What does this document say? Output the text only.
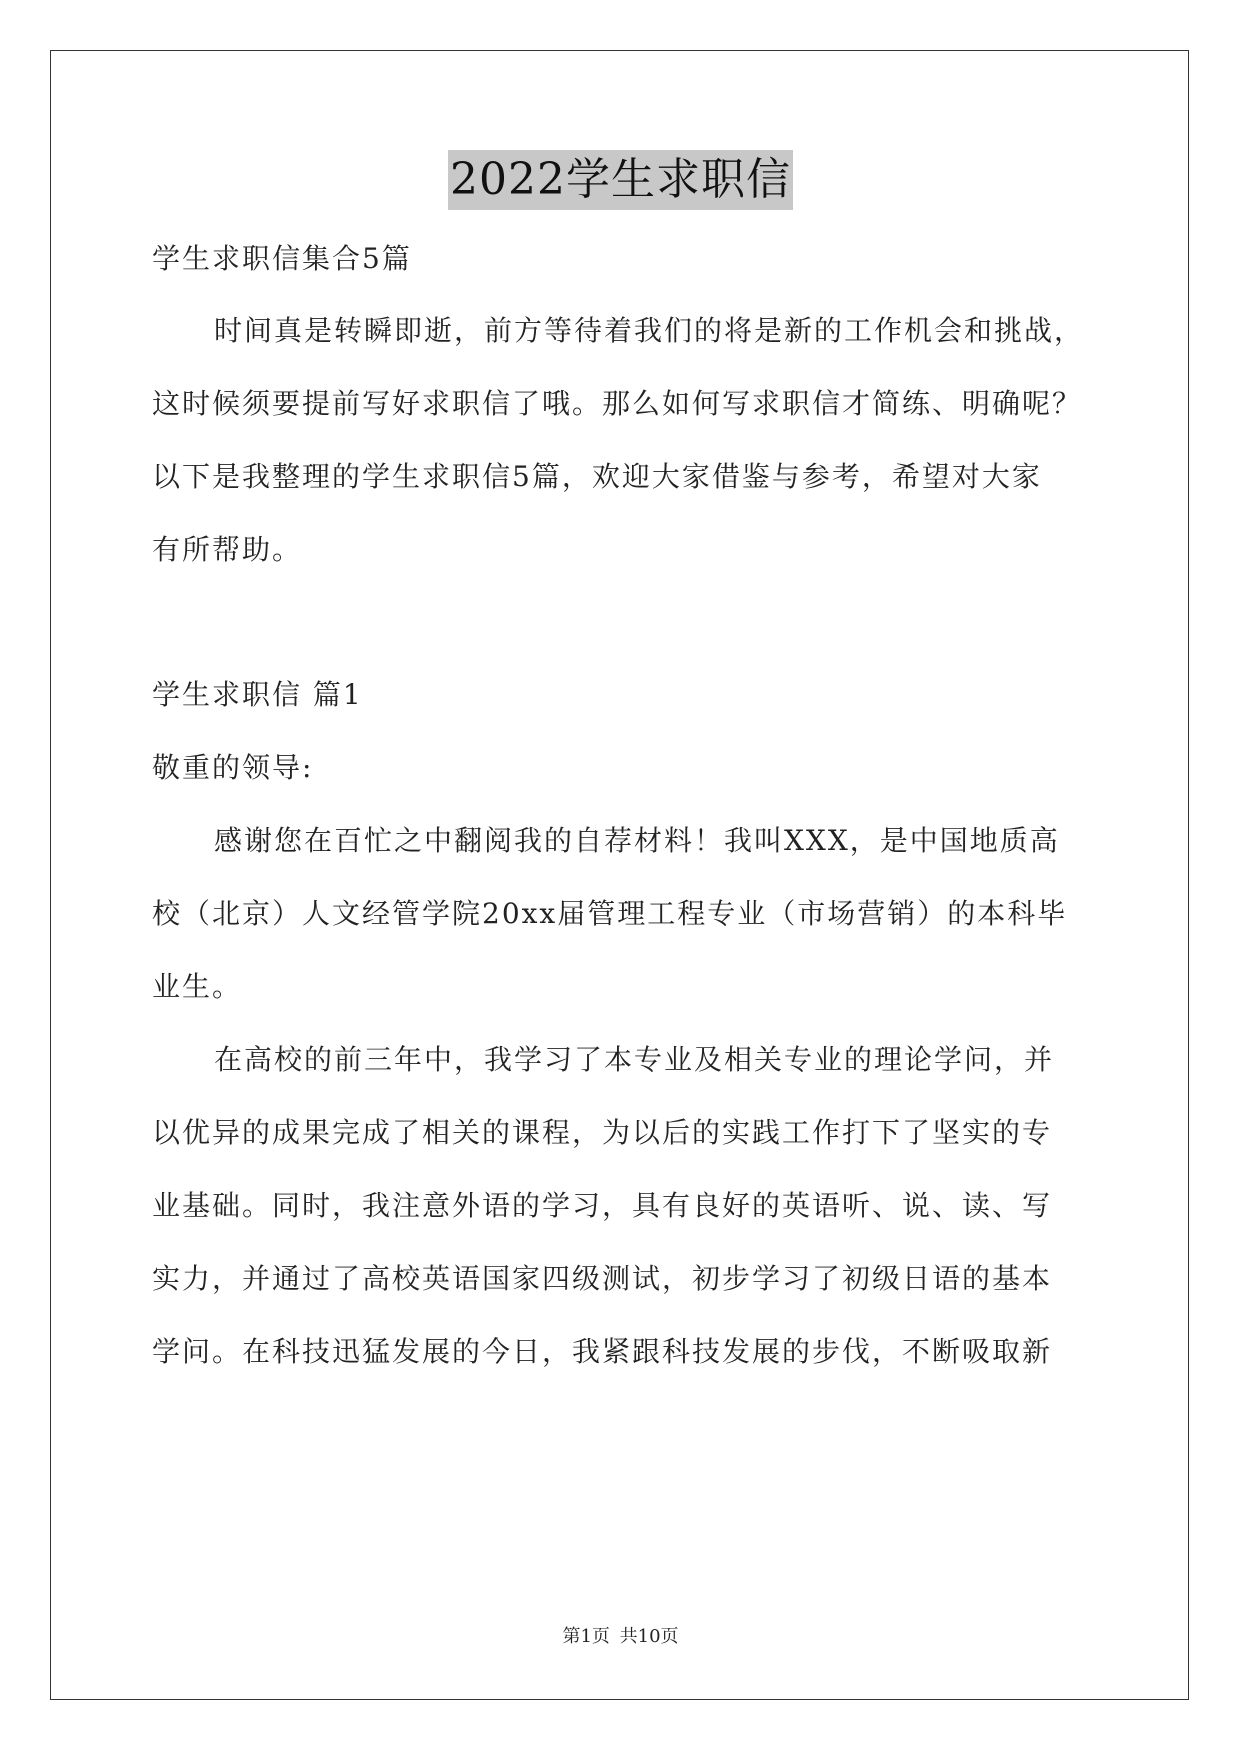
2022学生求职信
学生求职信集合5篇
时间真是转瞬即逝，前方等待着我们的将是新的工作机会和挑战，
这时候须要提前写好求职信了哦。那么如何写求职信才简练、明确呢？
以下是我整理的学生求职信5篇，欢迎大家借鉴与参考，希望对大家
有所帮助。
学生求职信 篇1
敬重的领导:
感谢您在百忙之中翻阅我的自荐材料！我叫XXX，是中国地质高
校（北京）人文经管学院20xx届管理工程专业（市场营销）的本科毕
业生。
在高校的前三年中，我学习了本专业及相关专业的理论学问，并
以优异的成果完成了相关的课程，为以后的实践工作打下了坚实的专
业基础。同时，我注意外语的学习，具有良好的英语听、说、读、写
实力，并通过了高校英语国家四级测试，初步学习了初级日语的基本
学问。在科技迅猛发展的今日，我紧跟科技发展的步伐，不断吸取新
第1页 共10页
